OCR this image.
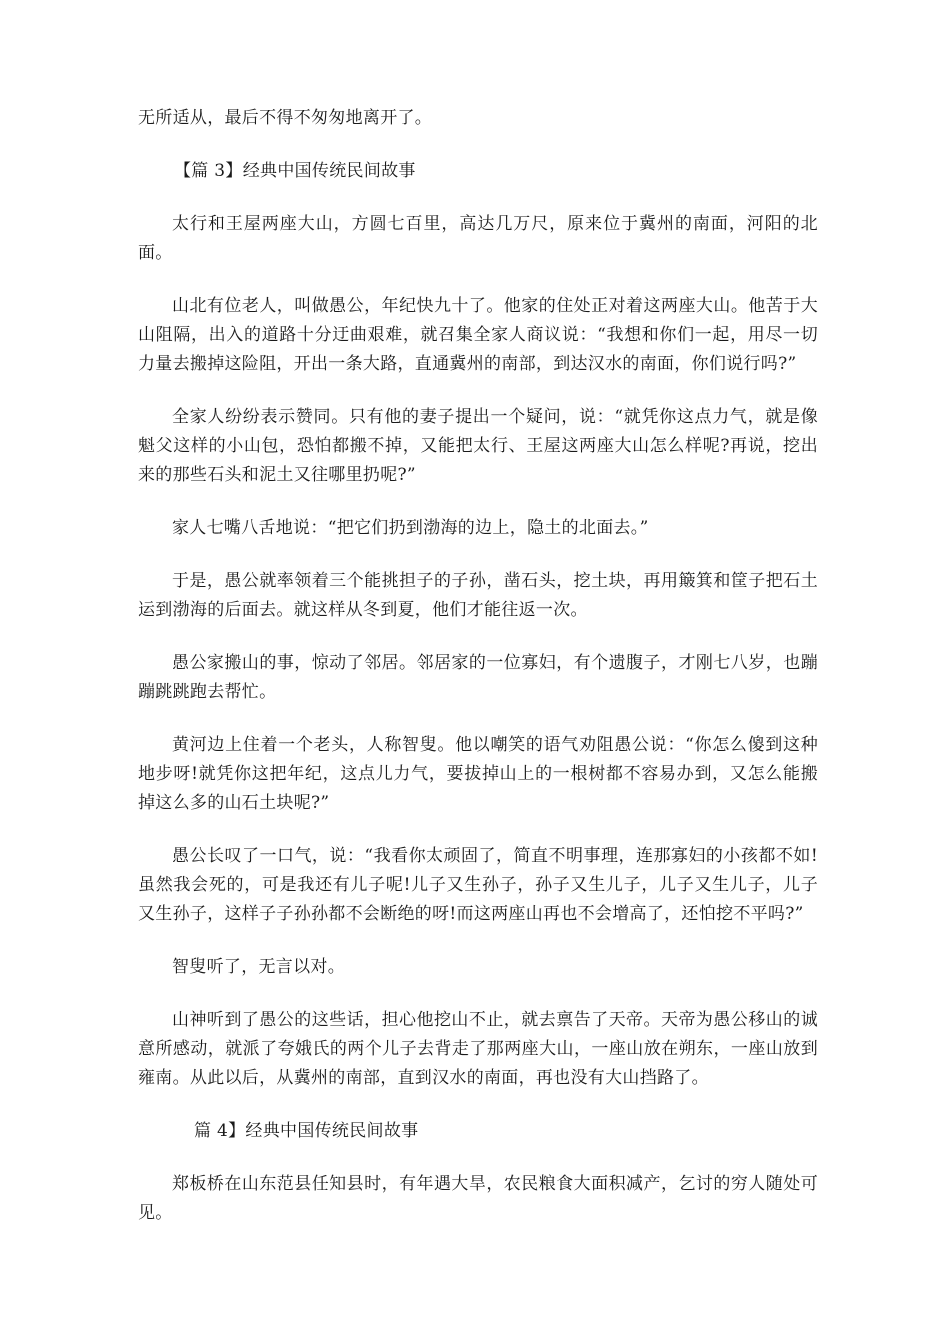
无所适从，最后不得不匆匆地离开了。

【篇 3】经典中国传统民间故事

太行和王屋两座大山，方圆七百里，高达几万尺，原来位于冀州的南面，河阳的北面。

山北有位老人，叫做愚公，年纪快九十了。他家的住处正对着这两座大山。他苦于大山阻隔，出入的道路十分迂曲艰难，就召集全家人商议说：“我想和你们一起，用尽一切力量去搬掉这险阻，开出一条大路，直通冀州的南部，到达汉水的南面，你们说行吗?”

全家人纷纷表示赞同。只有他的妻子提出一个疑问，说：“就凭你这点力气，就是像魁父这样的小山包，恐怕都搬不掉，又能把太行、王屋这两座大山怎么样呢?再说，挖出来的那些石头和泥土又往哪里扔呢?”

家人七嘴八舌地说：“把它们扔到渤海的边上，隐土的北面去。”

于是，愚公就率领着三个能挑担子的子孙，凿石头，挖土块，再用簸箕和筐子把石土运到渤海的后面去。就这样从冬到夏，他们才能往返一次。

愚公家搬山的事，惊动了邻居。邻居家的一位寡妇，有个遗腹子，才刚七八岁，也蹦蹦跳跳跑去帮忙。

黄河边上住着一个老头，人称智叟。他以嘲笑的语气劝阻愚公说：“你怎么傻到这种地步呀!就凭你这把年纪，这点儿力气，要拔掉山上的一根树都不容易办到，又怎么能搬掉这么多的山石土块呢?”

愚公长叹了一口气，说：“我看你太顽固了，简直不明事理，连那寡妇的小孩都不如!虽然我会死的，可是我还有儿子呢!儿子又生孙子，孙子又生儿子，儿子又生儿子，儿子又生孙子，这样子子孙孙都不会断绝的呀!而这两座山再也不会增高了，还怕挖不平吗?”

智叟听了，无言以对。

山神听到了愚公的这些话，担心他挖山不止，就去禀告了天帝。天帝为愚公移山的诚意所感动，就派了夸娥氏的两个儿子去背走了那两座大山，一座山放在朔东，一座山放到雍南。从此以后，从冀州的南部，直到汉水的南面，再也没有大山挡路了。

篇 4】经典中国传统民间故事

郑板桥在山东范县任知县时，有年遇大旱，农民粮食大面积减产，乞讨的穷人随处可见。
